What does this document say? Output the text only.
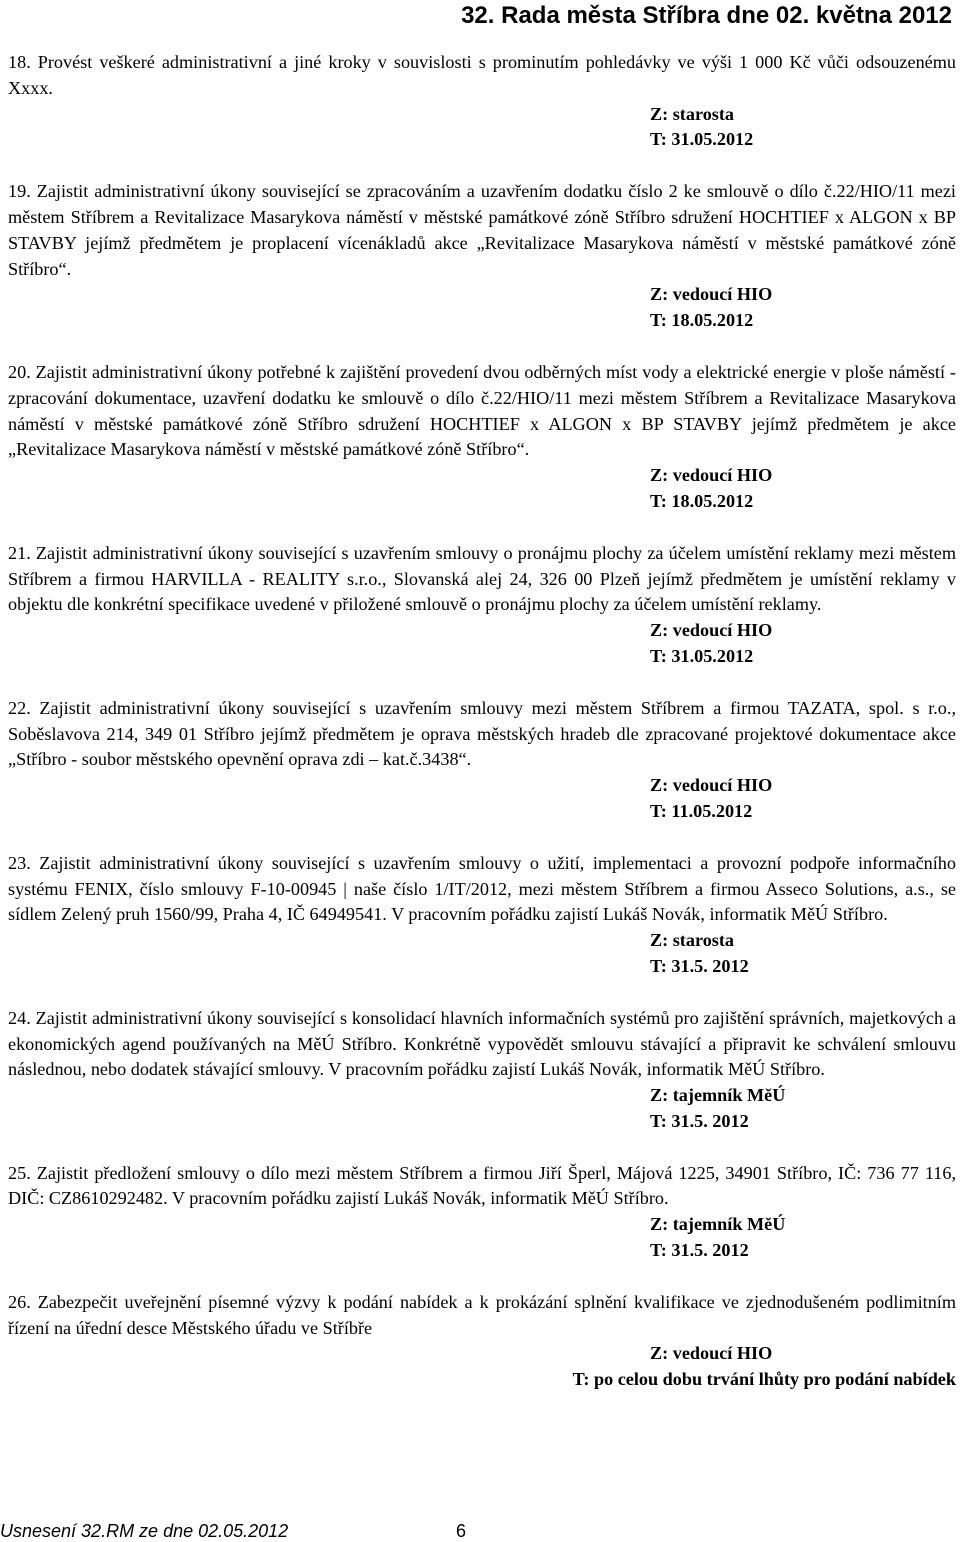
32. Rada města Stříbra dne 02. května 2012

18. Provést veškeré administrativní a jiné kroky v souvislosti s prominutím pohledávky ve výši 1 000 Kč vůči odsouzenému Xxxx.

Z: starosta
T: 31.05.2012

19. Zajistit administrativní úkony související se zpracováním a uzavřením dodatku číslo 2 ke smlouvě o dílo č.22/HIO/11 mezi městem Stříbrem a Revitalizace Masarykova náměstí v městské památkové zóně Stříbro sdružení HOCHTIEF x ALGON x BP STAVBY jejímž předmětem je proplacení vícenákladů akce „Revitalizace Masarykova náměstí v městské památkové zóně Stříbro“.

Z: vedoucí HIO
T: 18.05.2012

20. Zajistit administrativní úkony potřebné k zajištění provedení dvou odběrných míst vody a elektrické energie v ploše náměstí - zpracování dokumentace, uzavření dodatku ke smlouvě o dílo č.22/HIO/11 mezi městem Stříbrem a Revitalizace Masarykova náměstí v městské památkové zóně Stříbro sdružení HOCHTIEF x ALGON x BP STAVBY jejímž předmětem je akce „Revitalizace Masarykova náměstí v městské památkové zóně Stříbro“.

Z: vedoucí HIO
T: 18.05.2012

21. Zajistit administrativní úkony související s uzavřením smlouvy o pronájmu plochy za účelem umístění reklamy mezi městem Stříbrem a firmou HARVILLA - REALITY s.r.o., Slovanská alej 24, 326 00 Plzeň jejímž předmětem je umístění reklamy v objektu dle konkrétní specifikace uvedené v přiložené smlouvě o pronájmu plochy za účelem umístění reklamy.

Z: vedoucí HIO
T: 31.05.2012

22. Zajistit administrativní úkony související s uzavřením smlouvy mezi městem Stříbrem a firmou TAZATA, spol. s r.o., Soběslavova 214, 349 01 Stříbro jejímž předmětem je oprava městských hradeb dle zpracované projektové dokumentace akce „Stříbro - soubor městského opevnění oprava zdi – kat.č.3438“.

Z: vedoucí HIO
T: 11.05.2012

23. Zajistit administrativní úkony související s uzavřením smlouvy o užití, implementaci a provozní podpoře informačního systému FENIX, číslo smlouvy F-10-00945 | naše číslo 1/IT/2012, mezi městem Stříbrem a firmou Asseco Solutions, a.s., se sídlem Zelený pruh 1560/99, Praha 4, IČ 64949541. V pracovním pořádku zajistí Lukáš Novák, informatik MěÚ Stříbro.

Z: starosta
T: 31.5. 2012

24. Zajistit administrativní úkony související s konsolidací hlavních informačních systémů pro zajištění správních, majetkových a ekonomických agend používaných na MěÚ Stříbro. Konkrétně vypovědět smlouvu stávající a připravit ke schválení smlouvu následnou, nebo dodatek stávající smlouvy. V pracovním pořádku zajistí Lukáš Novák, informatik MěÚ Stříbro.

Z: tajemník MěÚ
T: 31.5. 2012

25. Zajistit předložení smlouvy o dílo mezi městem Stříbrem a firmou Jiří Šperl, Májová 1225, 34901 Stříbro, IČ: 736 77 116, DIČ: CZ8610292482. V pracovním pořádku zajistí Lukáš Novák, informatik MěÚ Stříbro.

Z: tajemník MěÚ
T: 31.5. 2012

26. Zabezpečit uveřejnění písemné výzvy k podání nabídek a k prokázání splnění kvalifikace ve zjednodušeném podlimitním řízení na úřední desce Městského úřadu ve Stříbře

Z: vedoucí HIO
T: po celou dobu trvání lhůty pro podání nabídek
Usnesení 32.RM ze dne 02.05.2012	6
